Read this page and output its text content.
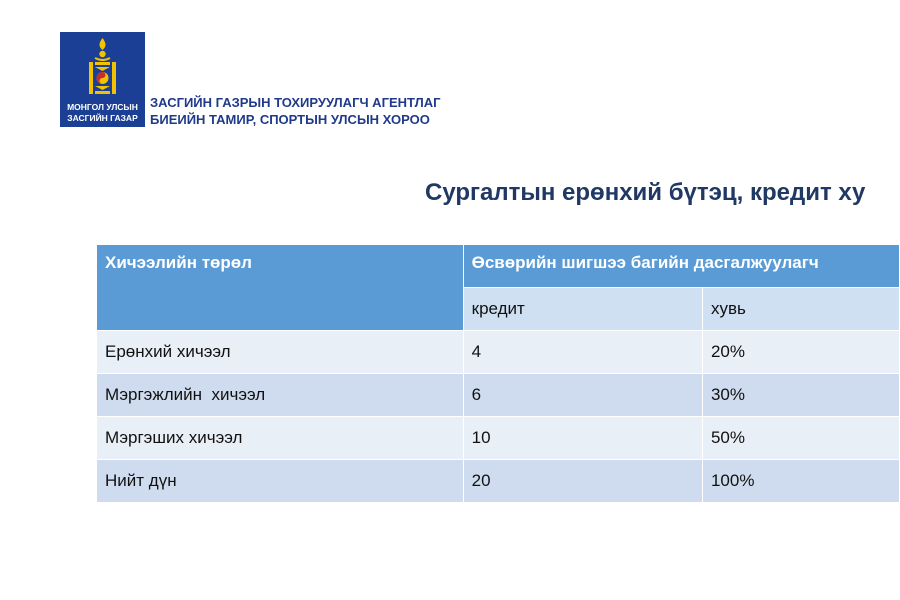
МОНГОЛ УЛСЫН
ЗАСГИЙН ГАЗАР
ЗАСГИЙН ГАЗРЫН ТОХИРУУЛАГЧ АГЕНТЛАГ
БИЕИЙН ТАМИР, СПОРТЫН УЛСЫН ХОРОО
Сургалтын ерөнхий бүтэц, кредит ху
Хичээлийн төрөл	Өсвөрийн шигшээ багийн дасгалжуулагч	
	кредит	хувь
Ерөнхий хичээл	4	20%
Мэргэжлийн  хичээл	6	30%
Мэргэших хичээл	10	50%
Нийт дүн	20	100%
